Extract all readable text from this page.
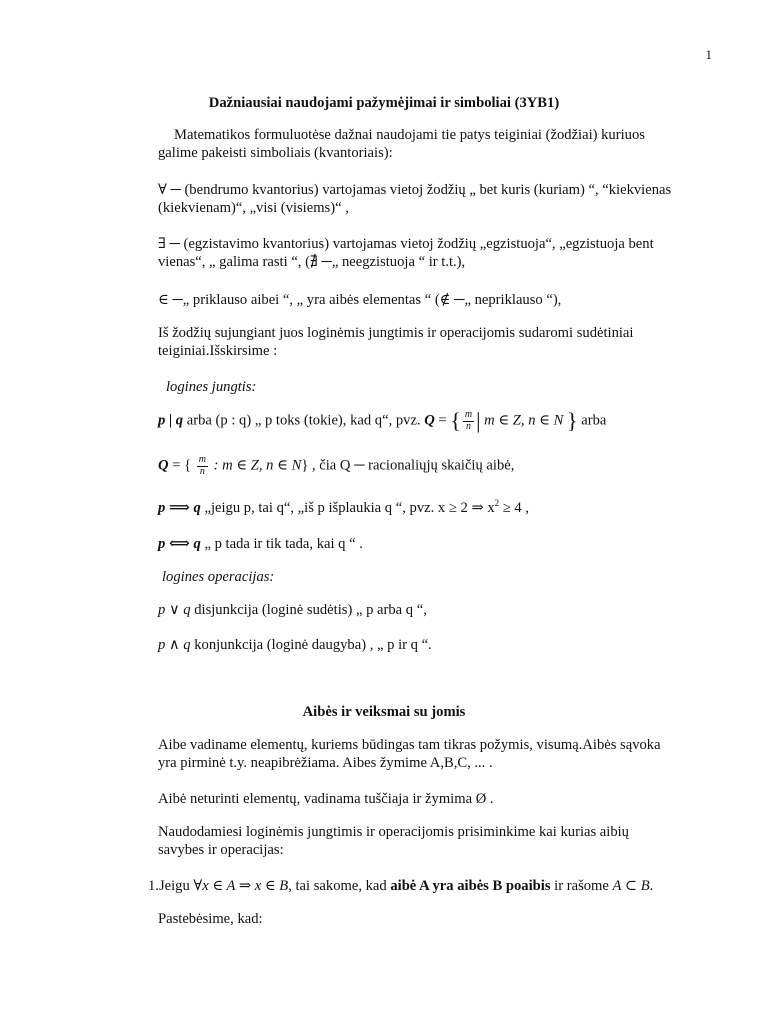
1

Dažniausiai naudojami pažymėjimai ir simboliai (3YB1)

Matematikos formuluotėse dažnai naudojami tie patys teiginiai (žodžiai) kuriuos galime pakeisti simboliais (kvantoriais):

∀ ─ (bendrumo kvantorius) vartojamas vietoj žodžių „ bet kuris (kuriam) “, “kiekvienas (kiekvienam)“, „visi (visiems)“ ,

∃ ─ (egzistavimo kvantorius) vartojamas vietoj žodžių „egzistuoja“, „egzistuoja bent vienas“, „ galima rasti “, (∄ ─„ neegzistuoja “ ir t.t.),

∈ ─„ priklauso aibei “, „ yra aibės elementas “ (∉ ─„ nepriklauso “),

Iš žodžių sujungiant juos loginėmis jungtimis ir operacijomis sudaromi sudėtiniai teiginiai.Išskirsime :

logines jungtis:

p | q arba (p : q) „ p toks (tokie), kad q“, pvz. Q = { $\frac{m}{n}$ | m ∈ Z, n ∈ N } arba

Q = { $\frac{m}{n}$ : m ∈ Z, n ∈ N} , čia Q ─ racionaliųjų skaičių aibė,

p ⟹ q „jeigu p, tai q“, „iš p išplaukia q “, pvz. x ≥ 2 ⇒ $x^2 \ge 4$ ,

p ⟺ q „ p tada ir tik tada, kai q “ .

logines operacijas:

p ∨ q disjunkcija (loginė sudėtis) „ p arba q “,

p ∧ q konjunkcija (loginė daugyba) , „ p ir q “.

Aibės ir veiksmai su jomis

Aibe vadiname elementų, kuriems būdingas tam tikras požymis, visumą.Aibės sąvoka yra pirminė t.y. neapibrėžiama. Aibes žymime A,B,C, ... .

Aibė neturinti elementų, vadinama tuščiaja ir žymima Ø .

Naudodamiesi loginėmis jungtimis ir operacijomis prisiminkime kai kurias aibių savybes ir operacijas:

1.Jeigu ∀x ∈ A ⇒ x ∈ B, tai sakome, kad aibė A yra aibės B poaibis ir rašome A ⊂ B.

Pastebėsime, kad:
